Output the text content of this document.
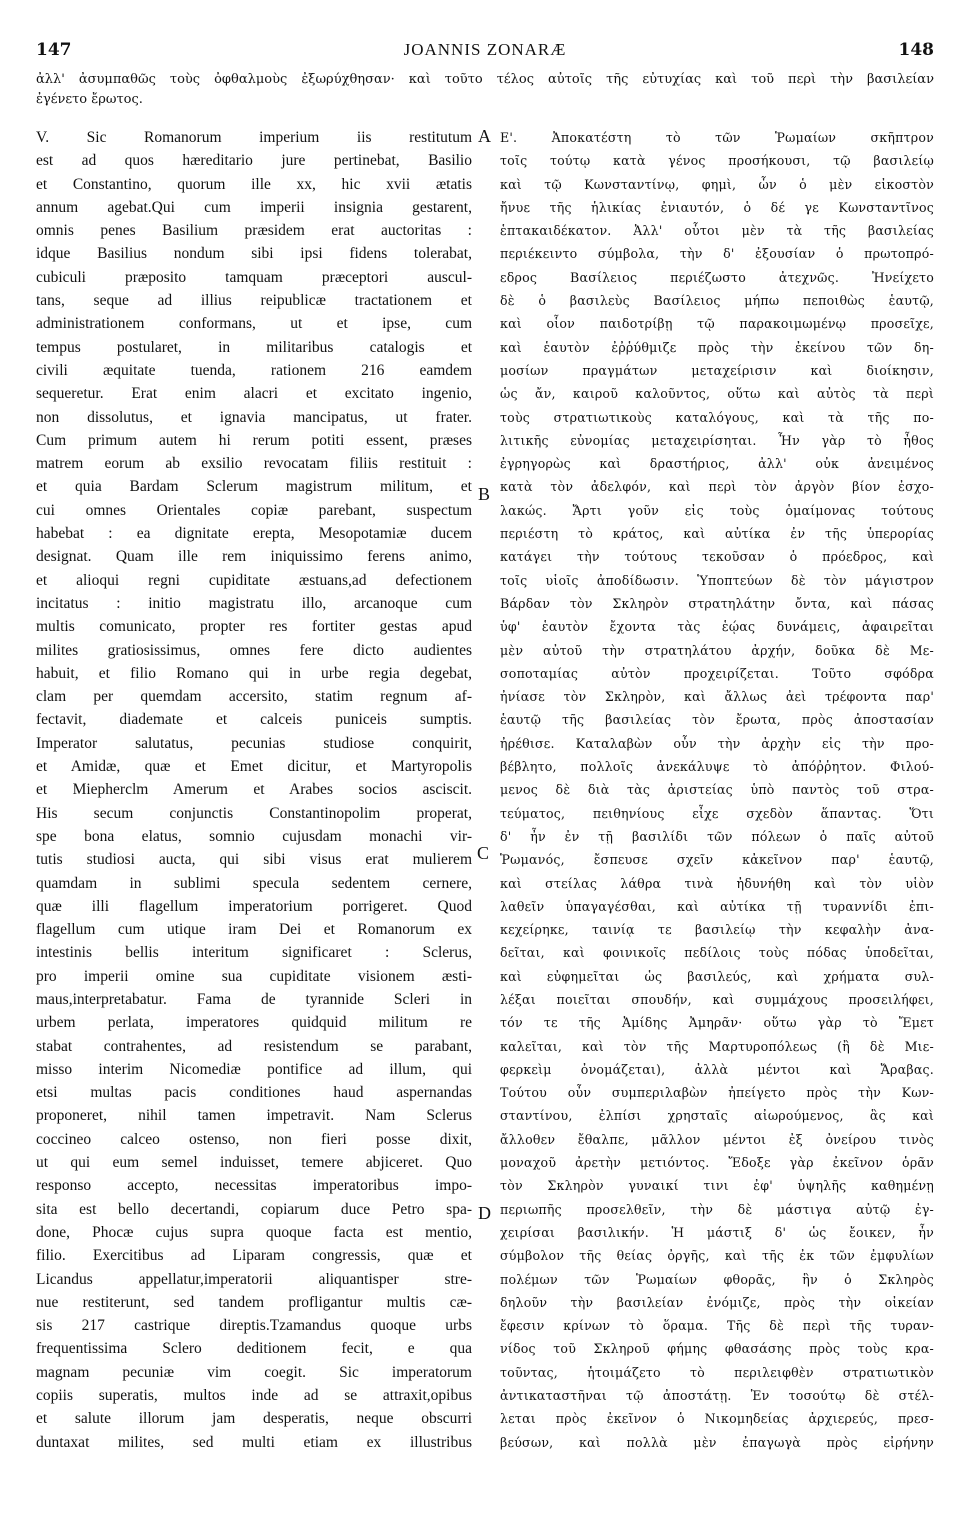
147	JOANNIS ZONARÆ	148
ἀλλ' ἀσυμπαθῶς τοὺς ὀφθαλμοὺς ἐξωρύχθησαν· καὶ τοῦτο τέλος αὐτοῖς τῆς εὐτυχίας καὶ τοῦ περὶ τὴν βασιλείαν
ἐγένετο ἔρωτος.
V. Sic Romanorum imperium iis restitutum
est ad quos hæreditario jure pertinebat, Basilio
et Constantino, quorum ille xx, hic xvii ætatis
annum agebat.Qui cum imperii insignia gestarent,
omnis penes Basilium præsidem erat auctoritas :
idque Basilius nondum sibi ipsi fidens tolerabat,
cubiculi præposito tamquam præceptori auscul-
tans, seque ad illius reipublicæ tractationem et
administrationem conformans, ut et ipse, cum
tempus postularet, in militaribus catalogis et
civili æquitate tuenda, rationem 216 eamdem
sequeretur. Erat enim alacri et excitato ingenio,
non dissolutus, et ignavia mancipatus, ut frater.
Cum primum autem hi rerum potiti essent, præses
matrem eorum ab exsilio revocatam filiis restituit :
et quia Bardam Sclerum magistrum militum, et
cui omnes Orientales copiæ parebant, suspectum
habebat : ea dignitate erepta, Mesopotamiæ ducem
designat. Quam ille rem iniquissimo ferens animo,
et alioqui regni cupiditate æstuans,ad defectionem
incitatus : initio magistratu illo, arcanoque cum
multis comunicato, propter res fortiter gestas apud
milites gratiosissimus, omnes fere dicto audientes
habuit, et filio Romano qui in urbe regia degebat,
clam per quemdam accersito, statim regnum af-
fectavit, diademate et calceis puniceis sumptis.
Imperator salutatus, pecunias studiose conquirit,
et Amidæ, quæ et Emet dicitur, et Martyropolis
et Miepherclm Amerum et Arabes socios asciscit.
His secum conjunctis Constantinopolim properat,
spe bona elatus, somnio cujusdam monachi vir-
tutis studiosi aucta, qui sibi visus erat mulierem
quamdam in sublimi specula sedentem cernere,
quæ illi flagellum imperatorium porrigeret. Quod
flagellum cum utique iram Dei et Romanorum ex
intestinis bellis interitum significaret : Sclerus,
pro imperii omine sua cupiditate visionem æsti-
maus,interpretabatur. Fama de tyrannide Scleri in
urbem perlata, imperatores quidquid militum re
stabat contrahentes, ad resistendum se parabant,
misso interim Nicomediæ pontifice ad illum, qui
etsi multas pacis conditiones haud aspernandas
proponeret, nihil tamen impetravit. Nam Sclerus
coccineo calceo ostenso, non fieri posse dixit,
ut qui eum semel induisset, temere abjiceret. Quo
responso accepto, necessitas imperatoribus impo-
sita est bello decertandi, copiarum duce Petro spa-
done, Phocæ cujus supra quoque facta est mentio,
filio. Exercitibus ad Liparam congressis, quæ et
Licandus appellatur,imperatorii aliquantisper stre-
nue restiterunt, sed tandem profligantur multis cæ-
sis 217 castrique direptis.Tzamandus quoque urbs
frequentissima Sclero deditionem fecit, e qua
magnam pecuniæ vim coegit. Sic imperatorum
copiis superatis, multos inde ad se attraxit,opibus
et salute illorum jam desperatis, neque obscurri
duntaxat milites, sed multi etiam ex illustribus
Ε'. Ἀποκατέστη τὸ τῶν Ῥωμαίων σκῆπτρον
τοῖς τούτῳ κατὰ γένος προσήκουσι, τῷ βασιλείῳ
καὶ τῷ Κωνσταντίνῳ, φημὶ, ὧν ὁ μὲν εἰκοστὸν
ἤνυε τῆς ἡλικίας ἐνιαυτόν, ὁ δέ γε Κωνσταντῖνος
ἑπτακαιδέκατον. Ἀλλ' οὗτοι μὲν τὰ τῆς βασιλείας
περιέκειντο σύμβολα, τὴν δ' ἐξουσίαν ὁ πρωτοπρό-
εδρος Βασίλειος περιέζωστο ἀτεχνῶς. Ἠνείχετο
δὲ ὁ βασιλεὺς Βασίλειος μήπω πεποιθὼς ἑαυτῷ,
καὶ οἷον παιδοτρίβῃ τῷ παρακοιμωμένῳ προσεῖχε,
καὶ ἑαυτὸν ἐῤῥύθμιζε πρὸς τὴν ἐκείνου τῶν δη-
μοσίων πραγμάτων μεταχείρισιν καὶ διοίκησιν,
ὡς ἄν, καιροῦ καλοῦντος, οὕτω καὶ αὐτὸς τὰ περὶ
τοὺς στρατιωτικοὺς καταλόγους, καὶ τὰ τῆς πο-
λιτικῆς εὐνομίας μεταχειρίσηται. Ἦν γὰρ τὸ ἦθος
ἐγρηγορὼς καὶ δραστήριος, ἀλλ' οὐκ ἀνειμένος
κατὰ τὸν ἀδελφόν, καὶ περὶ τὸν ἀργὸν βίον ἐσχο-
λακώς. Ἄρτι γοῦν εἰς τοὺς ὁμαίμονας τούτους
περιέστη τὸ κράτος, καὶ αὐτίκα ἐν τῆς ὑπερορίας
κατάγει τὴν τούτους τεκοῦσαν ὁ πρόεδρος, καὶ
τοῖς υἱοῖς ἀποδίδωσιν. Ὑποπτεύων δὲ τὸν μάγιστρον
Βάρδαν τὸν Σκληρὸν στρατηλάτην ὄντα, καὶ πάσας
ὑφ' ἑαυτὸν ἔχοντα τὰς ἑῴας δυνάμεις, ἀφαιρεῖται
μὲν αὐτοῦ τὴν στρατηλάτου ἀρχήν, δοῦκα δὲ Με-
σοποταμίας αὐτὸν προχειρίζεται. Τοῦτο σφόδρα
ἠνίασε τὸν Σκληρὸν, καὶ ἄλλως ἀεὶ τρέφοντα παρ'
ἑαυτῷ τῆς βασιλείας τὸν ἔρωτα, πρὸς ἀποστασίαν
ἠρέθισε. Καταλαβὼν οὖν τὴν ἀρχὴν εἰς τὴν προ-
βέβλητο, πολλοῖς ἀνεκάλυψε τὸ ἀπόῤῥητον. Φιλού-
μενος δὲ διὰ τὰς ἀριστείας ὑπὸ παντὸς τοῦ στρα-
τεύματος, πειθηνίους εἶχε σχεδὸν ἅπαντας. Ὅτι
δ' ἦν ἐν τῇ βασιλίδι τῶν πόλεων ὁ παῖς αὐτοῦ
Ῥωμανός, ἔσπευσε σχεῖν κἀκεῖνον παρ' ἑαυτῷ,
καὶ στείλας λάθρα τινὰ ἠδυνήθη καὶ τὸν υἱὸν
λαθεῖν ὑπαγαγέσθαι, καὶ αὐτίκα τῇ τυραννίδι ἐπι-
κεχείρηκε, ταινίᾳ τε βασιλείῳ τὴν κεφαλὴν ἀνα-
δεῖται, καὶ φοινικοῖς πεδίλοις τοὺς πόδας ὑποδεῖται,
καὶ εὐφημεῖται ὡς βασιλεύς, καὶ χρήματα συλ-
λέξαι ποιεῖται σπουδήν, καὶ συμμάχους προσειλήφει,
τόν τε τῆς Ἀμίδης Ἀμηρᾶν· οὕτω γὰρ τὸ Ἔμετ
καλεῖται, καὶ τὸν τῆς Μαρτυροπόλεως (ἢ δὲ Μιε-
φερκεὶμ ὀνομάζεται), ἀλλὰ μέντοι καὶ Ἄραβας.
Τούτου οὖν συμπεριλαβὼν ἠπείγετο πρὸς τὴν Κων-
σταντίνου, ἐλπίσι χρησταῖς αἰωρούμενος, ἃς καὶ
ἄλλοθεν ἔθαλπε, μᾶλλον μέντοι ἐξ ὀνείρου τινὸς
μοναχοῦ ἀρετὴν μετιόντος. Ἔδοξε γὰρ ἐκεῖνον ὁρᾶν
τὸν Σκληρὸν γυναικί τινι ἐφ' ὑψηλῆς καθημένῃ
περιωπῆς προσελθεῖν, τὴν δὲ μάστιγα αὐτῷ ἐγ-
χειρίσαι βασιλικήν. Ἡ μάστιξ δ' ὡς ἔοικεν, ἦν
σύμβολον τῆς θείας ὀργῆς, καὶ τῆς ἐκ τῶν ἐμφυλίων
πολέμων τῶν Ῥωμαίων φθορᾶς, ἣν ὁ Σκληρὸς
δηλοῦν τὴν βασιλείαν ἐνόμιζε, πρὸς τὴν οἰκείαν
ἔφεσιν κρίνων τὸ ὅραμα. Τῆς δὲ περὶ τῆς τυραν-
νίδος τοῦ Σκληροῦ φήμης φθασάσης πρὸς τοὺς κρα-
τοῦντας, ἡτοιμάζετο τὸ περιλειφθὲν στρατιωτικὸν
ἀντικαταστῆναι τῷ ἀποστάτῃ. Ἐν τοσούτῳ δὲ στέλ-
λεται πρὸς ἐκεῖνον ὁ Νικομηδείας ἀρχιερεύς, πρεσ-
βεύσων, καὶ πολλὰ μὲν ἐπαγωγὰ πρὸς εἰρήνην
A
B
C
D
